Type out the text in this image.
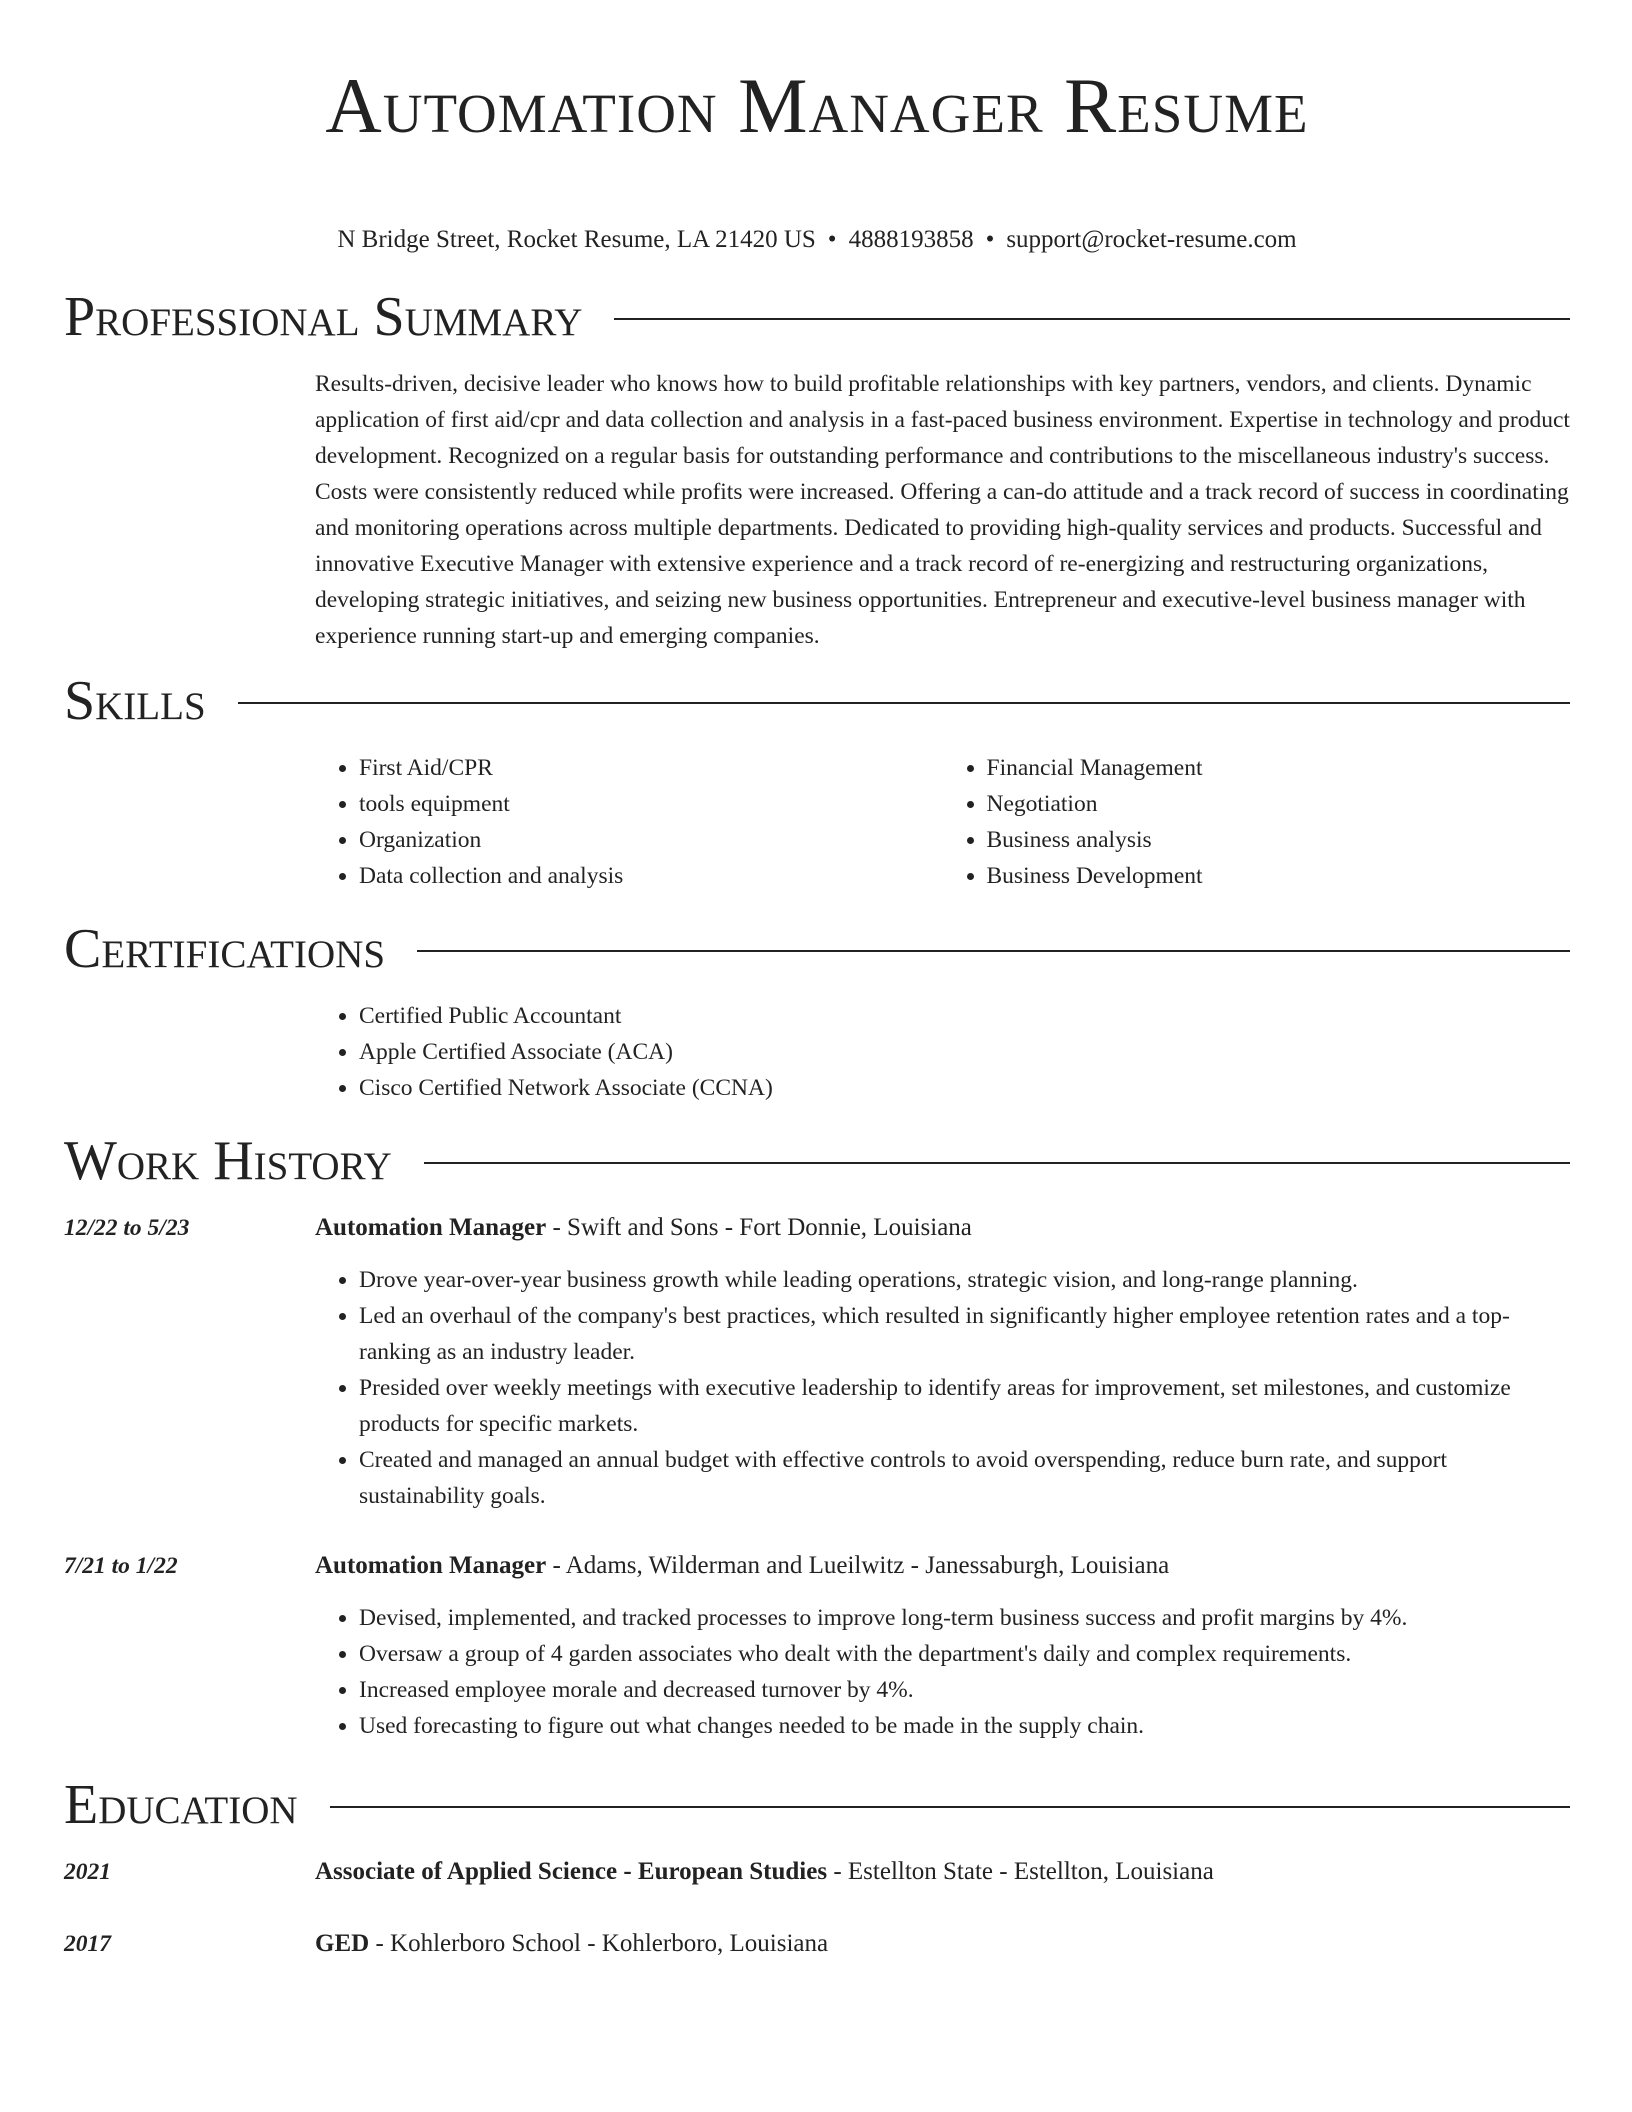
Automation Manager Resume
N Bridge Street, Rocket Resume, LA 21420 US • 4888193858 • support@rocket-resume.com
Professional Summary

Results-driven, decisive leader who knows how to build profitable relationships with key partners, vendors, and clients. Dynamic application of first aid/cpr and data collection and analysis in a fast-paced business environment. Expertise in technology and product development. Recognized on a regular basis for outstanding performance and contributions to the miscellaneous industry's success. Costs were consistently reduced while profits were increased. Offering a can-do attitude and a track record of success in coordinating and monitoring operations across multiple departments. Dedicated to providing high-quality services and products. Successful and innovative Executive Manager with extensive experience and a track record of re-energizing and restructuring organizations, developing strategic initiatives, and seizing new business opportunities. Entrepreneur and executive-level business manager with experience running start-up and emerging companies.

Skills
• First Aid/CPR
• tools equipment
• Organization
• Data collection and analysis
• Financial Management
• Negotiation
• Business analysis
• Business Development
Certifications
• Certified Public Accountant
• Apple Certified Associate (ACA)
• Cisco Certified Network Associate (CCNA)
Work History
12/22 to 5/23	Automation Manager - Swift and Sons - Fort Donnie, Louisiana
• Drove year-over-year business growth while leading operations, strategic vision, and long-range planning.
• Led an overhaul of the company's best practices, which resulted in significantly higher employee retention rates and a top-ranking as an industry leader.
• Presided over weekly meetings with executive leadership to identify areas for improvement, set milestones, and customize products for specific markets.
• Created and managed an annual budget with effective controls to avoid overspending, reduce burn rate, and support sustainability goals.
7/21 to 1/22	Automation Manager - Adams, Wilderman and Lueilwitz - Janessaburgh, Louisiana
• Devised, implemented, and tracked processes to improve long-term business success and profit margins by 4%.
• Oversaw a group of 4 garden associates who dealt with the department's daily and complex requirements.
• Increased employee morale and decreased turnover by 4%.
• Used forecasting to figure out what changes needed to be made in the supply chain.
Education
2021	Associate of Applied Science - European Studies - Estellton State - Estellton, Louisiana
2017	GED - Kohlerboro School - Kohlerboro, Louisiana
